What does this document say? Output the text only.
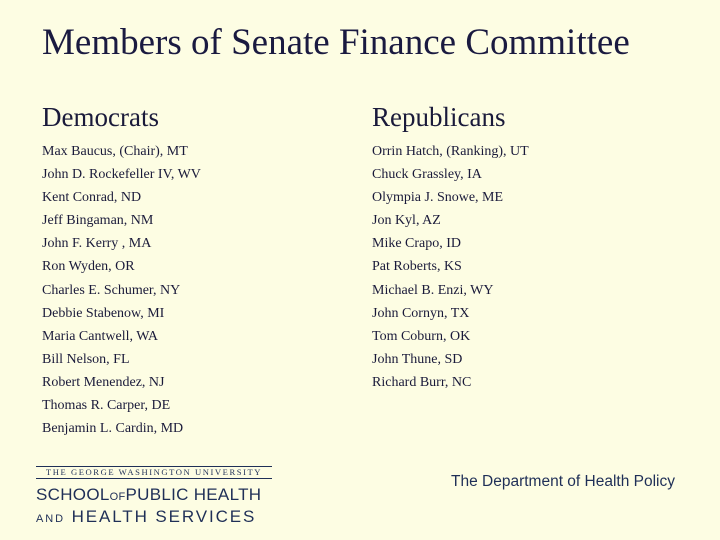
Members of Senate Finance Committee
Democrats
Max Baucus, (Chair), MT
John D. Rockefeller IV, WV
Kent Conrad, ND
Jeff Bingaman, NM
John F. Kerry , MA
Ron Wyden, OR
Charles E. Schumer, NY
Debbie Stabenow, MI
Maria Cantwell, WA
Bill Nelson, FL
Robert Menendez, NJ
Thomas R. Carper, DE
Benjamin L. Cardin, MD
Republicans
Orrin Hatch, (Ranking), UT
Chuck Grassley, IA
Olympia J. Snowe, ME
Jon Kyl, AZ
Mike Crapo, ID
Pat Roberts, KS
Michael B. Enzi, WY
John Cornyn, TX
Tom Coburn, OK
John Thune, SD
Richard Burr, NC
THE GEORGE WASHINGTON UNIVERSITY
SCHOOLOFPUBLIC HEALTH
AND HEALTH SERVICES
The Department of Health Policy
